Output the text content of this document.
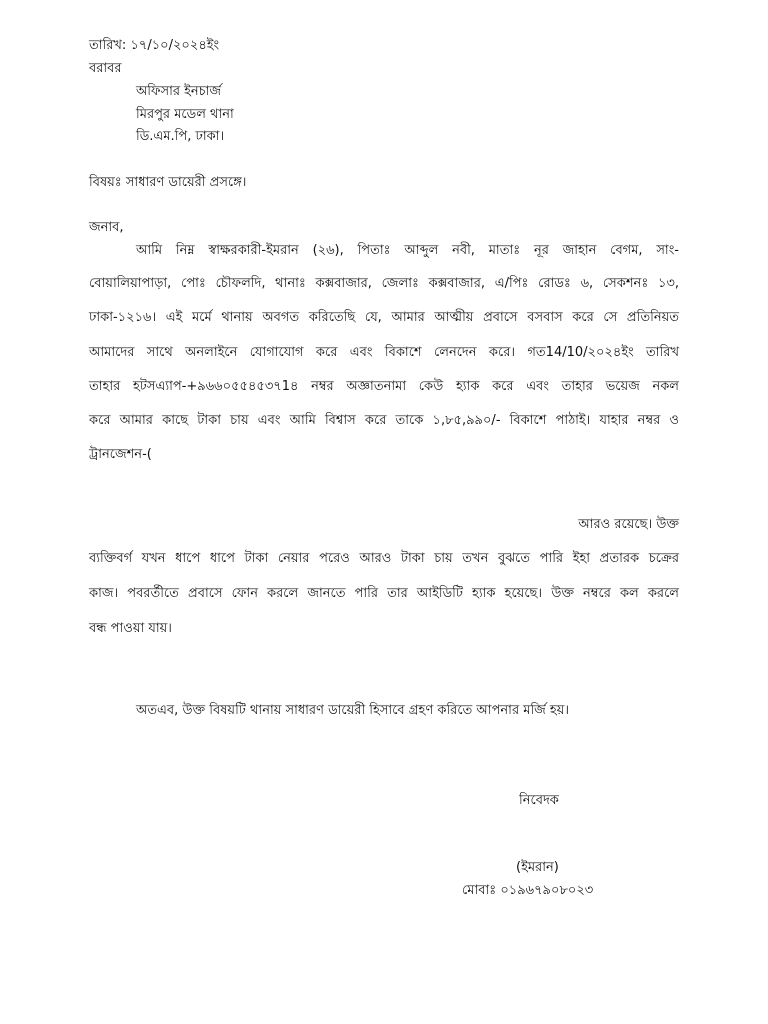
তারিখ: ১৭/১০/২০২৪ইং
বরাবর
অফিসার ইনচার্জ
মিরপুর মডেল থানা
ডি.এম.পি, ঢাকা।
বিষয়ঃ সাধারণ ডায়েরী প্রসঙ্গে।
জনাব,
আমি নিম্ন স্বাক্ষরকারী-ইমরান (২৬), পিতাঃ আব্দুল নবী, মাতাঃ নূর জাহান বেগম, সাং-
বোয়ালিয়াপাড়া, পোঃ চৌফলদি, থানাঃ কক্সবাজার, জেলাঃ কক্সবাজার, এ/পিঃ রোডঃ ৬, সেকশনঃ ১৩,
ঢাকা-১২১৬। এই মর্মে থানায় অবগত করিতেছি যে, আমার আত্মীয় প্রবাসে বসবাস করে সে প্রতিনিয়ত
আমাদের সাথে অনলাইনে যোগাযোগ করে এবং বিকাশে লেনদেন করে। গত14/10/২০২৪ইং তারিখ
তাহার হটসএ্যাপ-+৯৬৬০৫৫৪৫৩৭1৪ নম্বর অজ্ঞাতনামা কেউ হ্যাক করে এবং তাহার ভয়েজ নকল
করে আমার কাছে টাকা চায় এবং আমি বিশ্বাস করে তাকে ১,৮৫,৯৯০/- বিকাশে পাঠাই। যাহার নম্বর ও
ট্রানজেশন-(
আরও রয়েছে। উক্ত
ব্যক্তিবর্গ যখন ধাপে ধাপে টাকা নেয়ার পরেও আরও টাকা চায় তখন বুঝতে পারি ইহা প্রতারক চক্রের
কাজ। পবরর্তীতে প্রবাসে ফোন করলে জানতে পারি তার আইডিটি হ্যাক হয়েছে। উক্ত নম্বরে কল করলে
বন্ধ পাওয়া যায়।
অতএব, উক্ত বিষয়টি থানায় সাধারণ ডায়েরী হিসাবে গ্রহণ করিতে আপনার মর্জি হয়।
নিবেদক
(ইমরান)
মোবাঃ ০১৯৬৭৯০৮০২৩
